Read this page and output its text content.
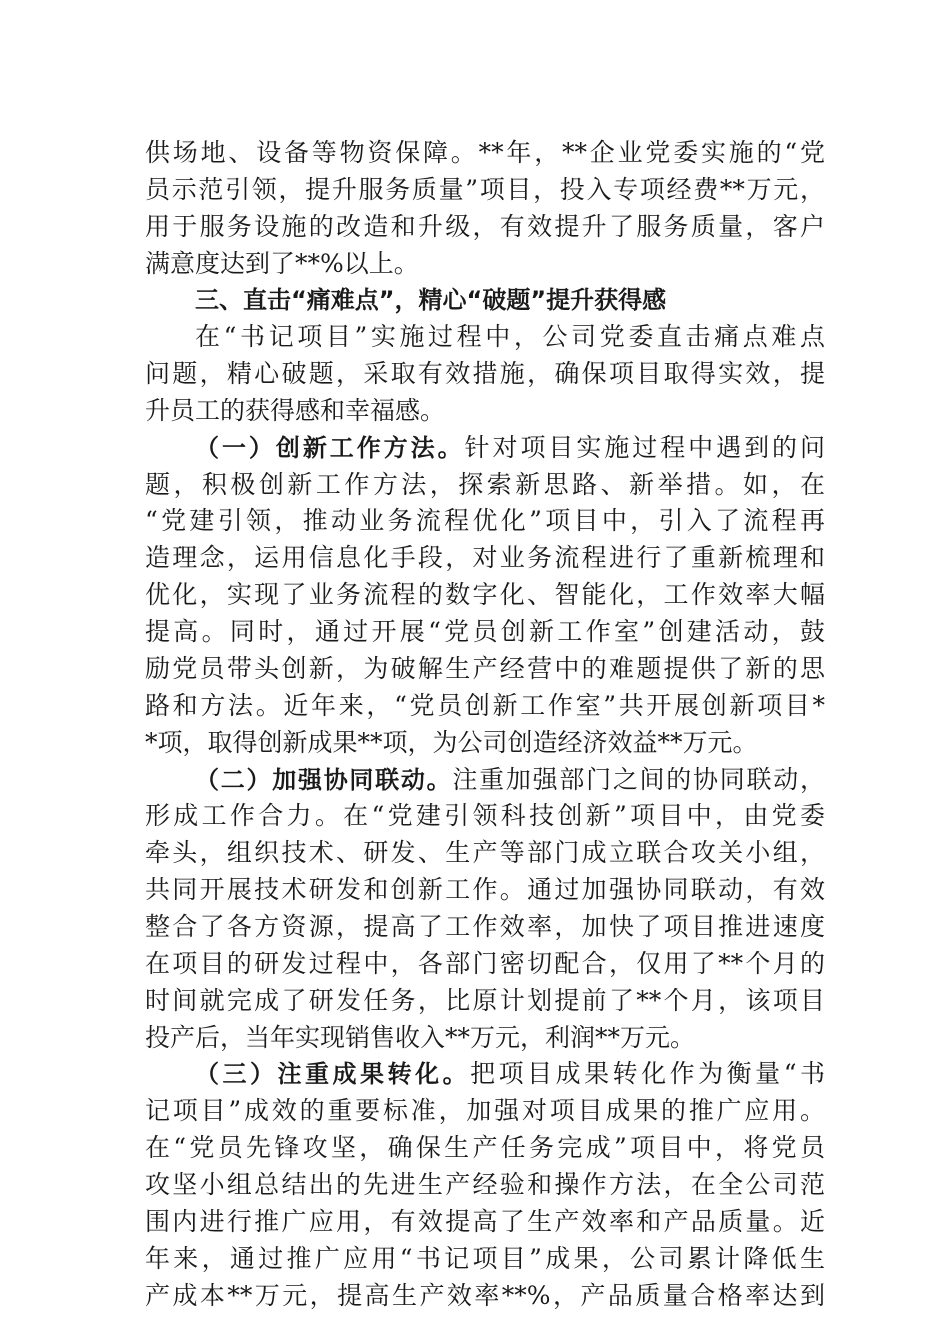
供场地、设备等物资保障。**年，**企业党委实施的“党
员示范引领，提升服务质量”项目，投入专项经费**万元，
用于服务设施的改造和升级，有效提升了服务质量，客户
满意度达到了**%以上。
三、直击“痛难点”，精心“破题”提升获得感
在“书记项目”实施过程中，公司党委直击痛点难点
问题，精心破题，采取有效措施，确保项目取得实效，提
升员工的获得感和幸福感。
（一）创新工作方法。针对项目实施过程中遇到的问
题，积极创新工作方法，探索新思路、新举措。如，在
“党建引领，推动业务流程优化”项目中，引入了流程再
造理念，运用信息化手段，对业务流程进行了重新梳理和
优化，实现了业务流程的数字化、智能化，工作效率大幅
提高。同时，通过开展“党员创新工作室”创建活动，鼓
励党员带头创新，为破解生产经营中的难题提供了新的思
路和方法。近年来，“党员创新工作室”共开展创新项目*
*项，取得创新成果**项，为公司创造经济效益**万元。
（二）加强协同联动。注重加强部门之间的协同联动，
形成工作合力。在“党建引领科技创新”项目中，由党委
牵头，组织技术、研发、生产等部门成立联合攻关小组，
共同开展技术研发和创新工作。通过加强协同联动，有效
整合了各方资源，提高了工作效率，加快了项目推进速度
在项目的研发过程中，各部门密切配合，仅用了**个月的
时间就完成了研发任务，比原计划提前了**个月，该项目
投产后，当年实现销售收入**万元，利润**万元。
（三）注重成果转化。把项目成果转化作为衡量“书
记项目”成效的重要标准，加强对项目成果的推广应用。
在“党员先锋攻坚，确保生产任务完成”项目中，将党员
攻坚小组总结出的先进生产经验和操作方法，在全公司范
围内进行推广应用，有效提高了生产效率和产品质量。近
年来，通过推广应用“书记项目”成果，公司累计降低生
产成本**万元，提高生产效率**%，产品质量合格率达到
